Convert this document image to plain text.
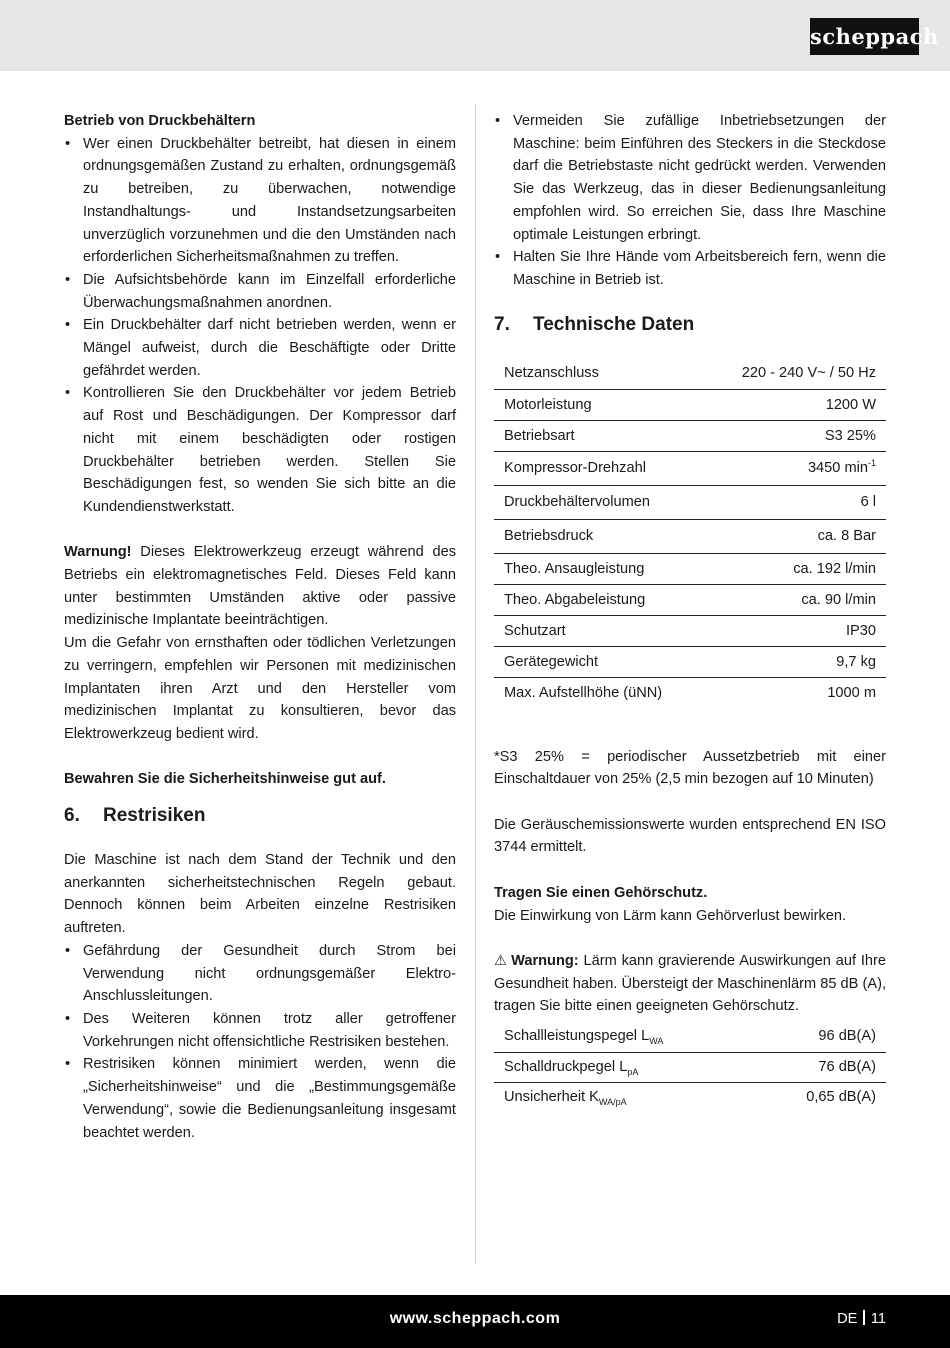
scheppach

Betrieb von Druckbehältern

• Wer einen Druckbehälter betreibt, hat diesen in einem ordnungsgemäßen Zustand zu erhalten, ordnungsgemäß zu betreiben, zu überwachen, notwendige Instandhaltungs- und Instandsetzungsarbeiten unverzüglich vorzunehmen und die den Umständen nach erforderlichen Sicherheitsmaßnahmen zu treffen.
• Die Aufsichtsbehörde kann im Einzelfall erforderliche Überwachungsmaßnahmen anordnen.
• Ein Druckbehälter darf nicht betrieben werden, wenn er Mängel aufweist, durch die Beschäftigte oder Dritte gefährdet werden.
• Kontrollieren Sie den Druckbehälter vor jedem Betrieb auf Rost und Beschädigungen. Der Kompressor darf nicht mit einem beschädigten oder rostigen Druckbehälter betrieben werden. Stellen Sie Beschädigungen fest, so wenden Sie sich bitte an die Kundendienstwerkstatt.

Warnung! Dieses Elektrowerkzeug erzeugt während des Betriebs ein elektromagnetisches Feld. Dieses Feld kann unter bestimmten Umständen aktive oder passive medizinische Implantate beeinträchtigen.

Um die Gefahr von ernsthaften oder tödlichen Verletzungen zu verringern, empfehlen wir Personen mit medizinischen Implantaten ihren Arzt und den Hersteller vom medizinischen Implantat zu konsultieren, bevor das Elektrowerkzeug bedient wird.

Bewahren Sie die Sicherheitshinweise gut auf.

6. Restrisiken

Die Maschine ist nach dem Stand der Technik und den anerkannten sicherheitstechnischen Regeln gebaut. Dennoch können beim Arbeiten einzelne Restrisiken auftreten.

• Gefährdung der Gesundheit durch Strom bei Verwendung nicht ordnungsgemäßer Elektro-Anschlussleitungen.
• Des Weiteren können trotz aller getroffener Vorkehrungen nicht offensichtliche Restrisiken bestehen.
• Restrisiken können minimiert werden, wenn die „Sicherheitshinweise“ und die „Bestimmungsgemäße Verwendung“, sowie die Bedienungsanleitung insgesamt beachtet werden.
• Vermeiden Sie zufällige Inbetriebsetzungen der Maschine: beim Einführen des Steckers in die Steckdose darf die Betriebstaste nicht gedrückt werden. Verwenden Sie das Werkzeug, das in dieser Bedienungsanleitung empfohlen wird. So erreichen Sie, dass Ihre Maschine optimale Leistungen erbringt.
• Halten Sie Ihre Hände vom Arbeitsbereich fern, wenn die Maschine in Betrieb ist.
7. Technische Daten
Netzanschluss	220 - 240 V~ / 50 Hz
Motorleistung	1200 W
Betriebsart	S3 25%
Kompressor-Drehzahl	3450 $\min^{-1}$
Druckbehältervolumen	6 l
Betriebsdruck	ca. 8 Bar
Theo. Ansaugleistung	ca. 192 l/min
Theo. Abgabeleistung	ca. 90 l/min
Schutzart	IP30
Gerätegewicht	9,7 kg
Max. Aufstellhöhe (üNN)	1000 m

*S3 25% = periodischer Aussetzbetrieb mit einer Einschaltdauer von 25% (2,5 min bezogen auf 10 Minuten)

Die Geräuschemissionswerte wurden entsprechend EN ISO 3744 ermittelt.

Tragen Sie einen Gehörschutz.

Die Einwirkung von Lärm kann Gehörverlust bewirken.

⚠ Warnung: Lärm kann gravierende Auswirkungen auf Ihre Gesundheit haben. Übersteigt der Maschinenlärm 85 dB (A), tragen Sie bitte einen geeigneten Gehörschutz.

Schallleistungspegel $L_{WA}$	96 dB(A)
Schalldruckpegel $L_{pA}$	76 dB(A)
Unsicherheit $K_{WA/pA}$	0,65 dB(A)
www.scheppach.com	DE 11
